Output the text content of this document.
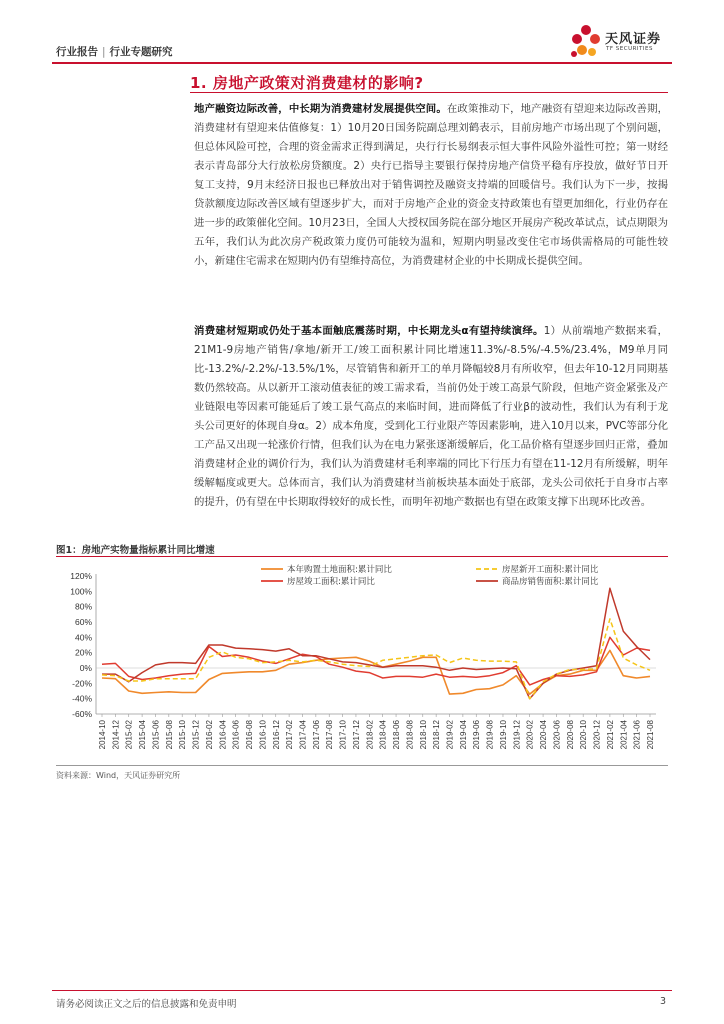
行业报告 | 行业专题研究
天风证券
TF SECURITIES
1. 房地产政策对消费建材的影响?
地产融资边际改善，中长期为消费建材发展提供空间。在政策推动下，地产融资有望迎来边际改善期，消费建材有望迎来估值修复：1）10月20日国务院副总理刘鹤表示，目前房地产市场出现了个别问题，但总体风险可控，合理的资金需求正得到满足，央行行长易纲表示恒大事件风险外溢性可控；第一财经表示青岛部分大行放松房贷额度。2）央行已指导主要银行保持房地产信贷平稳有序投放，做好节日开复工支持，9月末经济日报也已释放出对于销售调控及融资支持端的回暖信号。我们认为下一步，按揭贷款额度边际改善区域有望逐步扩大，而对于房地产企业的资金支持政策也有望更加细化，行业仍存在进一步的政策催化空间。10月23日，全国人大授权国务院在部分地区开展房产税改革试点，试点期限为五年，我们认为此次房产税政策力度仍可能较为温和，短期内明显改变住宅市场供需格局的可能性较小，新建住宅需求在短期内仍有望维持高位，为消费建材企业的中长期成长提供空间。
消费建材短期或仍处于基本面触底震荡时期，中长期龙头α有望持续演绎。1）从前端地产数据来看，21M1-9房地产销售/拿地/新开工/竣工面积累计同比增速11.3%/-8.5%/-4.5%/23.4%，M9单月同比-13.2%/-2.2%/-13.5%/1%，尽管销售和新开工的单月降幅较8月有所收窄，但去年10-12月同期基数仍然较高。从以新开工滚动值表征的竣工需求看，当前仍处于竣工高景气阶段，但地产资金紧张及产业链限电等因素可能延后了竣工景气高点的来临时间，进而降低了行业β的波动性，我们认为有利于龙头公司更好的体现自身α。2）成本角度，受到化工行业限产等因素影响，进入10月以来，PVC等部分化工产品又出现一轮涨价行情，但我们认为在电力紧张逐渐缓解后，化工品价格有望逐步回归正常，叠加消费建材企业的调价行为，我们认为消费建材毛利率端的同比下行压力有望在11-12月有所缓解，明年缓解幅度或更大。总体而言，我们认为消费建材当前板块基本面处于底部，龙头公司依托于自身市占率的提升，仍有望在中长期取得较好的成长性，而明年初地产数据也有望在政策支撑下出现环比改善。
图1：房地产实物量指标累计同比增速
120%
100%
80%
60%
40%
20%
0%
-20%
-40%
-60%
2014-10 2014-12 2015-02 2015-04 2015-06 2015-08 2015-10 2015-12 2016-02 2016-04 2016-06 2016-08 2016-10 2016-12 2017-02 2017-04 2017-06 2017-08 2017-10 2017-12 2018-02 2018-04 2018-06 2018-08 2018-10 2018-12 2019-02 2019-04 2019-06 2019-08 2019-10 2019-12 2020-02 2020-04 2020-06 2020-08 2020-10 2020-12 2021-02 2021-04 2021-06 2021-08
本年购置土地面积:累计同比	房屋新开工面积:累计同比
房屋竣工面积:累计同比	商品房销售面积:累计同比
资料来源：Wind，天风证券研究所
请务必阅读正文之后的信息披露和免责申明	3
